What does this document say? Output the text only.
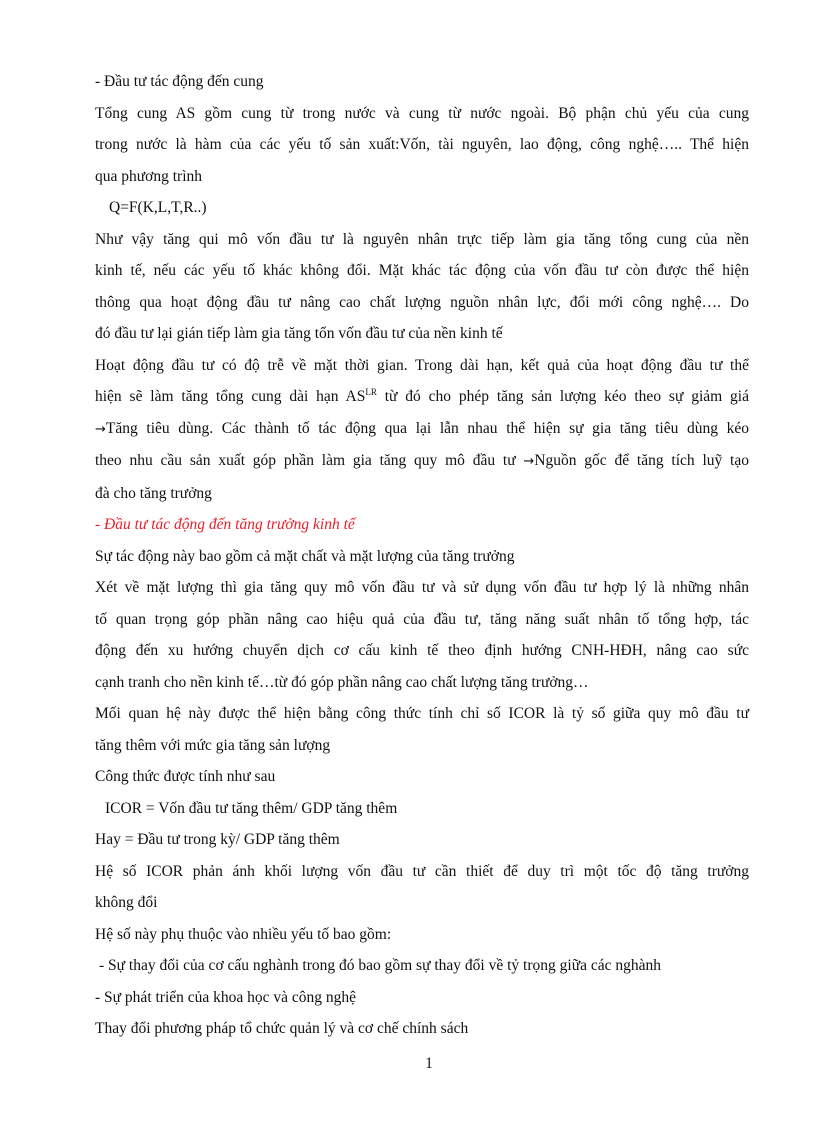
- Đầu tư tác động đến cung

Tổng cung AS gồm cung từ trong nước và cung từ nước ngoài. Bộ phận chủ yếu của cung

trong nước là hàm của các yếu tố sản xuất:Vốn, tài nguyên, lao động, công nghệ….. Thể hiện

qua phương trình

Q=F(K,L,T,R..)

Như vậy tăng qui mô vốn đầu tư là nguyên nhân trực tiếp làm gia tăng tổng cung của nền

kinh tế, nếu các yếu tố khác không đổi. Mặt khác tác động của vốn đầu tư còn được thể hiện

thông qua hoạt động đầu tư nâng cao chất lượng nguồn nhân lực, đổi mới công nghệ…. Do

đó đầu tư lại gián tiếp làm gia tăng tổn vốn đầu tư của nền kinh tế

Hoạt động đầu tư có độ trễ về mặt thời gian. Trong dài hạn, kết quả của hoạt động đầu tư thể

hiện sẽ làm tăng tổng cung dài hạn $AS^{LR}$ từ đó cho phép tăng sản lượng kéo theo sự giảm giá

→Tăng tiêu dùng. Các thành tố tác động qua lại lẫn nhau thể hiện sự gia tăng tiêu dùng kéo

theo nhu cầu sản xuất góp phần làm gia tăng quy mô đầu tư →Nguồn gốc để tăng tích luỹ tạo

đà cho tăng trưởng

- Đầu tư tác động đến tăng trưởng kinh tế

Sự tác động này bao gồm cả mặt chất và mặt lượng của tăng trưởng

Xét về mặt lượng thì gia tăng quy mô vốn đầu tư và sử dụng vốn đầu tư hợp lý là những nhân

tố quan trọng góp phần nâng cao hiệu quả của đầu tư, tăng năng suất nhân tố tổng hợp, tác

động đến xu hướng chuyển dịch cơ cấu kinh tế theo định hướng CNH-HĐH, nâng cao sức

cạnh tranh cho nền kinh tế…từ đó góp phần nâng cao chất lượng tăng trưởng…

Mối quan hệ này được thể hiện bằng công thức tính chỉ số ICOR là tỷ số giữa quy mô đầu tư

tăng thêm với mức gia tăng sản lượng

Công thức được tính như sau

ICOR = Vốn đầu tư tăng thêm/ GDP tăng thêm

Hay = Đầu tư trong kỳ/ GDP tăng thêm

Hệ số ICOR phản ánh khối lượng vốn đầu tư cần thiết để duy trì một tốc độ tăng trưởng

không đổi

Hệ số này phụ thuộc vào nhiều yếu tố bao gồm:

- Sự thay đổi của cơ cấu nghành trong đó bao gồm sự thay đổi về tỷ trọng giữa các nghành

- Sự phát triển của khoa học và công nghệ

Thay đổi phương pháp tổ chức quản lý và cơ chế chính sách

1
